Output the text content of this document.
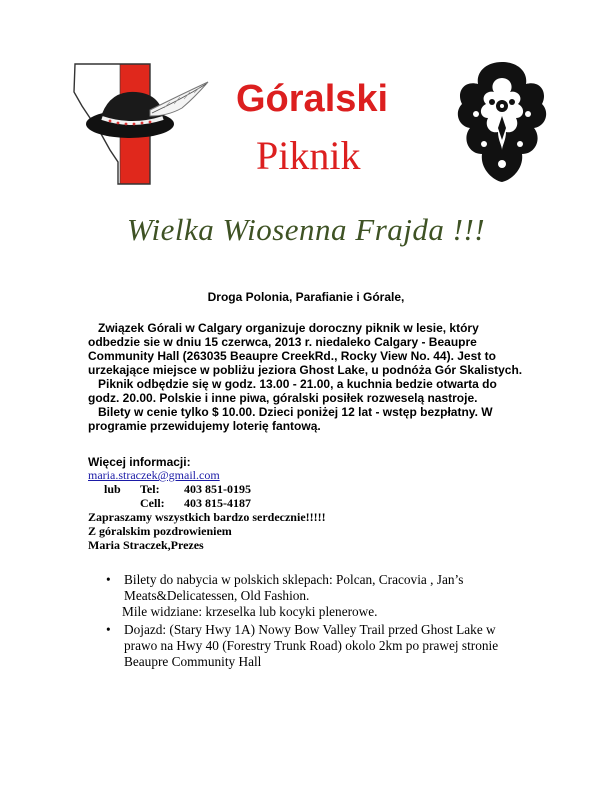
Góralski
Piknik
Wielka Wiosenna Frajda !!!
Droga Polonia, Parafianie i Górale,

Związek Górali w Calgary organizuje doroczny piknik w lesie, który odbedzie sie w dniu 15 czerwca, 2013 r. niedaleko Calgary - Beaupre Community Hall (263035 Beaupre CreekRd., Rocky View No. 44). Jest to urzekające miejsce w pobliżu jeziora Ghost Lake, u podnóża Gór Skalistych.

Piknik odbędzie się w godz. 13.00 - 21.00, a kuchnia bedzie otwarta do godz. 20.00. Polskie i inne piwa, góralski posiłek rozweselą nastroje.

Bilety w cenie tylko $ 10.00. Dzieci poniżej 12 lat - wstęp bezpłatny. W programie przewidujemy loterię fantową.

Więcej informacji:
maria.straczek@gmail.com
lub Tel: 403 851-0195
Cell: 403 815-4187
Zapraszamy wszystkich bardzo serdecznie!!!!!
Z góralskim pozdrowieniem
Maria Straczek,Prezes
• Bilety do nabycia w polskich sklepach: Polcan, Cracovia , Jan’s Meats&Delicatessen, Old Fashion.
Mile widziane: krzeselka lub kocyki plenerowe.
• Dojazd: (Stary Hwy 1A) Nowy Bow Valley Trail przed Ghost Lake w prawo na Hwy 40 (Forestry Trunk Road) okolo 2km po prawej stronie Beaupre Community Hall
